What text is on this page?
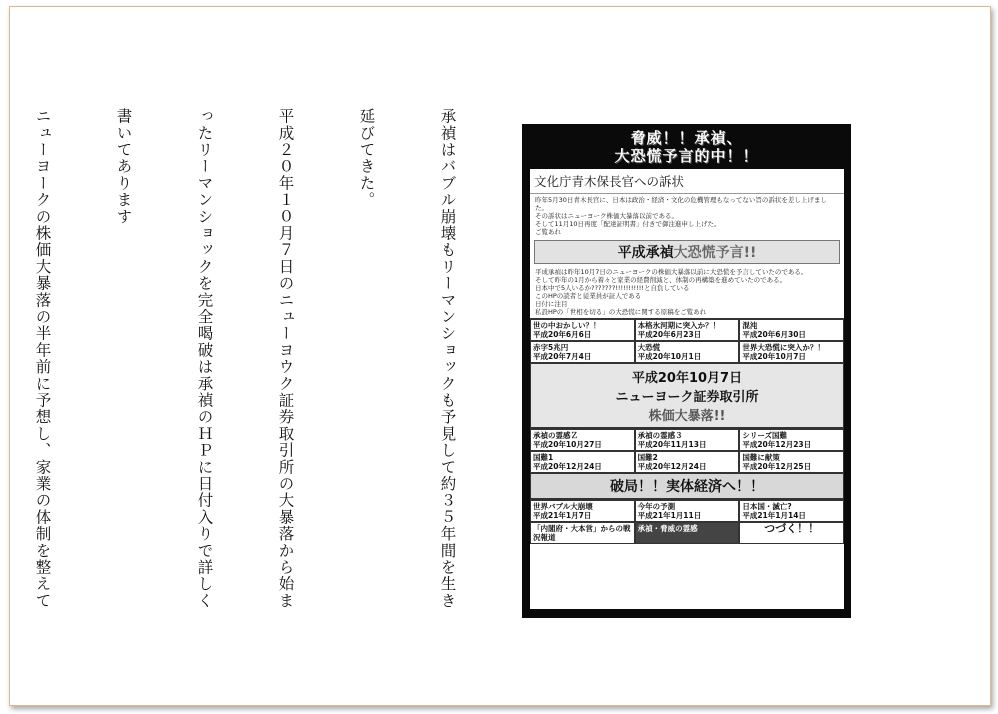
承禎はバブル崩壊もリーマンショックも予見して約３５年間を生き

延びてきた。

平成２０年１０月７日のニューヨウク証券取引所の大暴落から始ま

ったリーマンショックを完全喝破は承禎のＨＰに日付入りで詳しく

書いてあります

ニューヨークの株価大暴落の半年前に予想し、家業の体制を整えて	脅威！！承禎、
大恐慌予言的中！！
文化庁青木保長官への訴状
昨年5月30日青木長官に、日本は政治・経済・文化の危機管理もなってない旨の訴状を差し上げました。
その訴状はニューヨーク株価大暴落以前である。
そして11月10日再度「配達証明書」付きで御注進申し上げた。
ご覧あれ
平成承禎大恐慌予言!!
平成承禎は昨年10月7日のニューヨークの株価大暴落以前に大恐慌を予言していたのである。
そして昨年の1月から着々と家業の経費削減と、体制の再構築を進めていたのである。
日本中で5人いるか???????!!!!!!!!!!!と自負している
このHPの読者と従業員が証人である
日付に注目
私設HPの「世相を切る」の大恐慌に関する原稿をご覧あれ
世の中おかしい？！
平成20年6月6日
本格氷河期に突入か？！
平成20年6月23日
混沌
平成20年6月30日
赤字5兆円
平成20年7月4日
大恐慌
平成20年10月1日
世界大恐慌に突入か？！
平成20年10月7日
平成20年10月7日
ニューヨーク証券取引所
株価大暴落!!
承禎の霊感Ｚ
平成20年10月27日
承禎の霊感３
平成20年11月13日
シリーズ国難
平成20年12月23日
国難1
平成20年12月24日
国難2
平成20年12月24日
国難に献策
平成20年12月25日
破局！！実体経済へ！！
世界バブル大崩壊
平成21年1月7日
今年の予測
平成21年1月11日
日本国・滅亡?
平成21年1月14日
「内閣府・大本営」からの戦況報道
承禎・脅威の霊感	つづく！！
